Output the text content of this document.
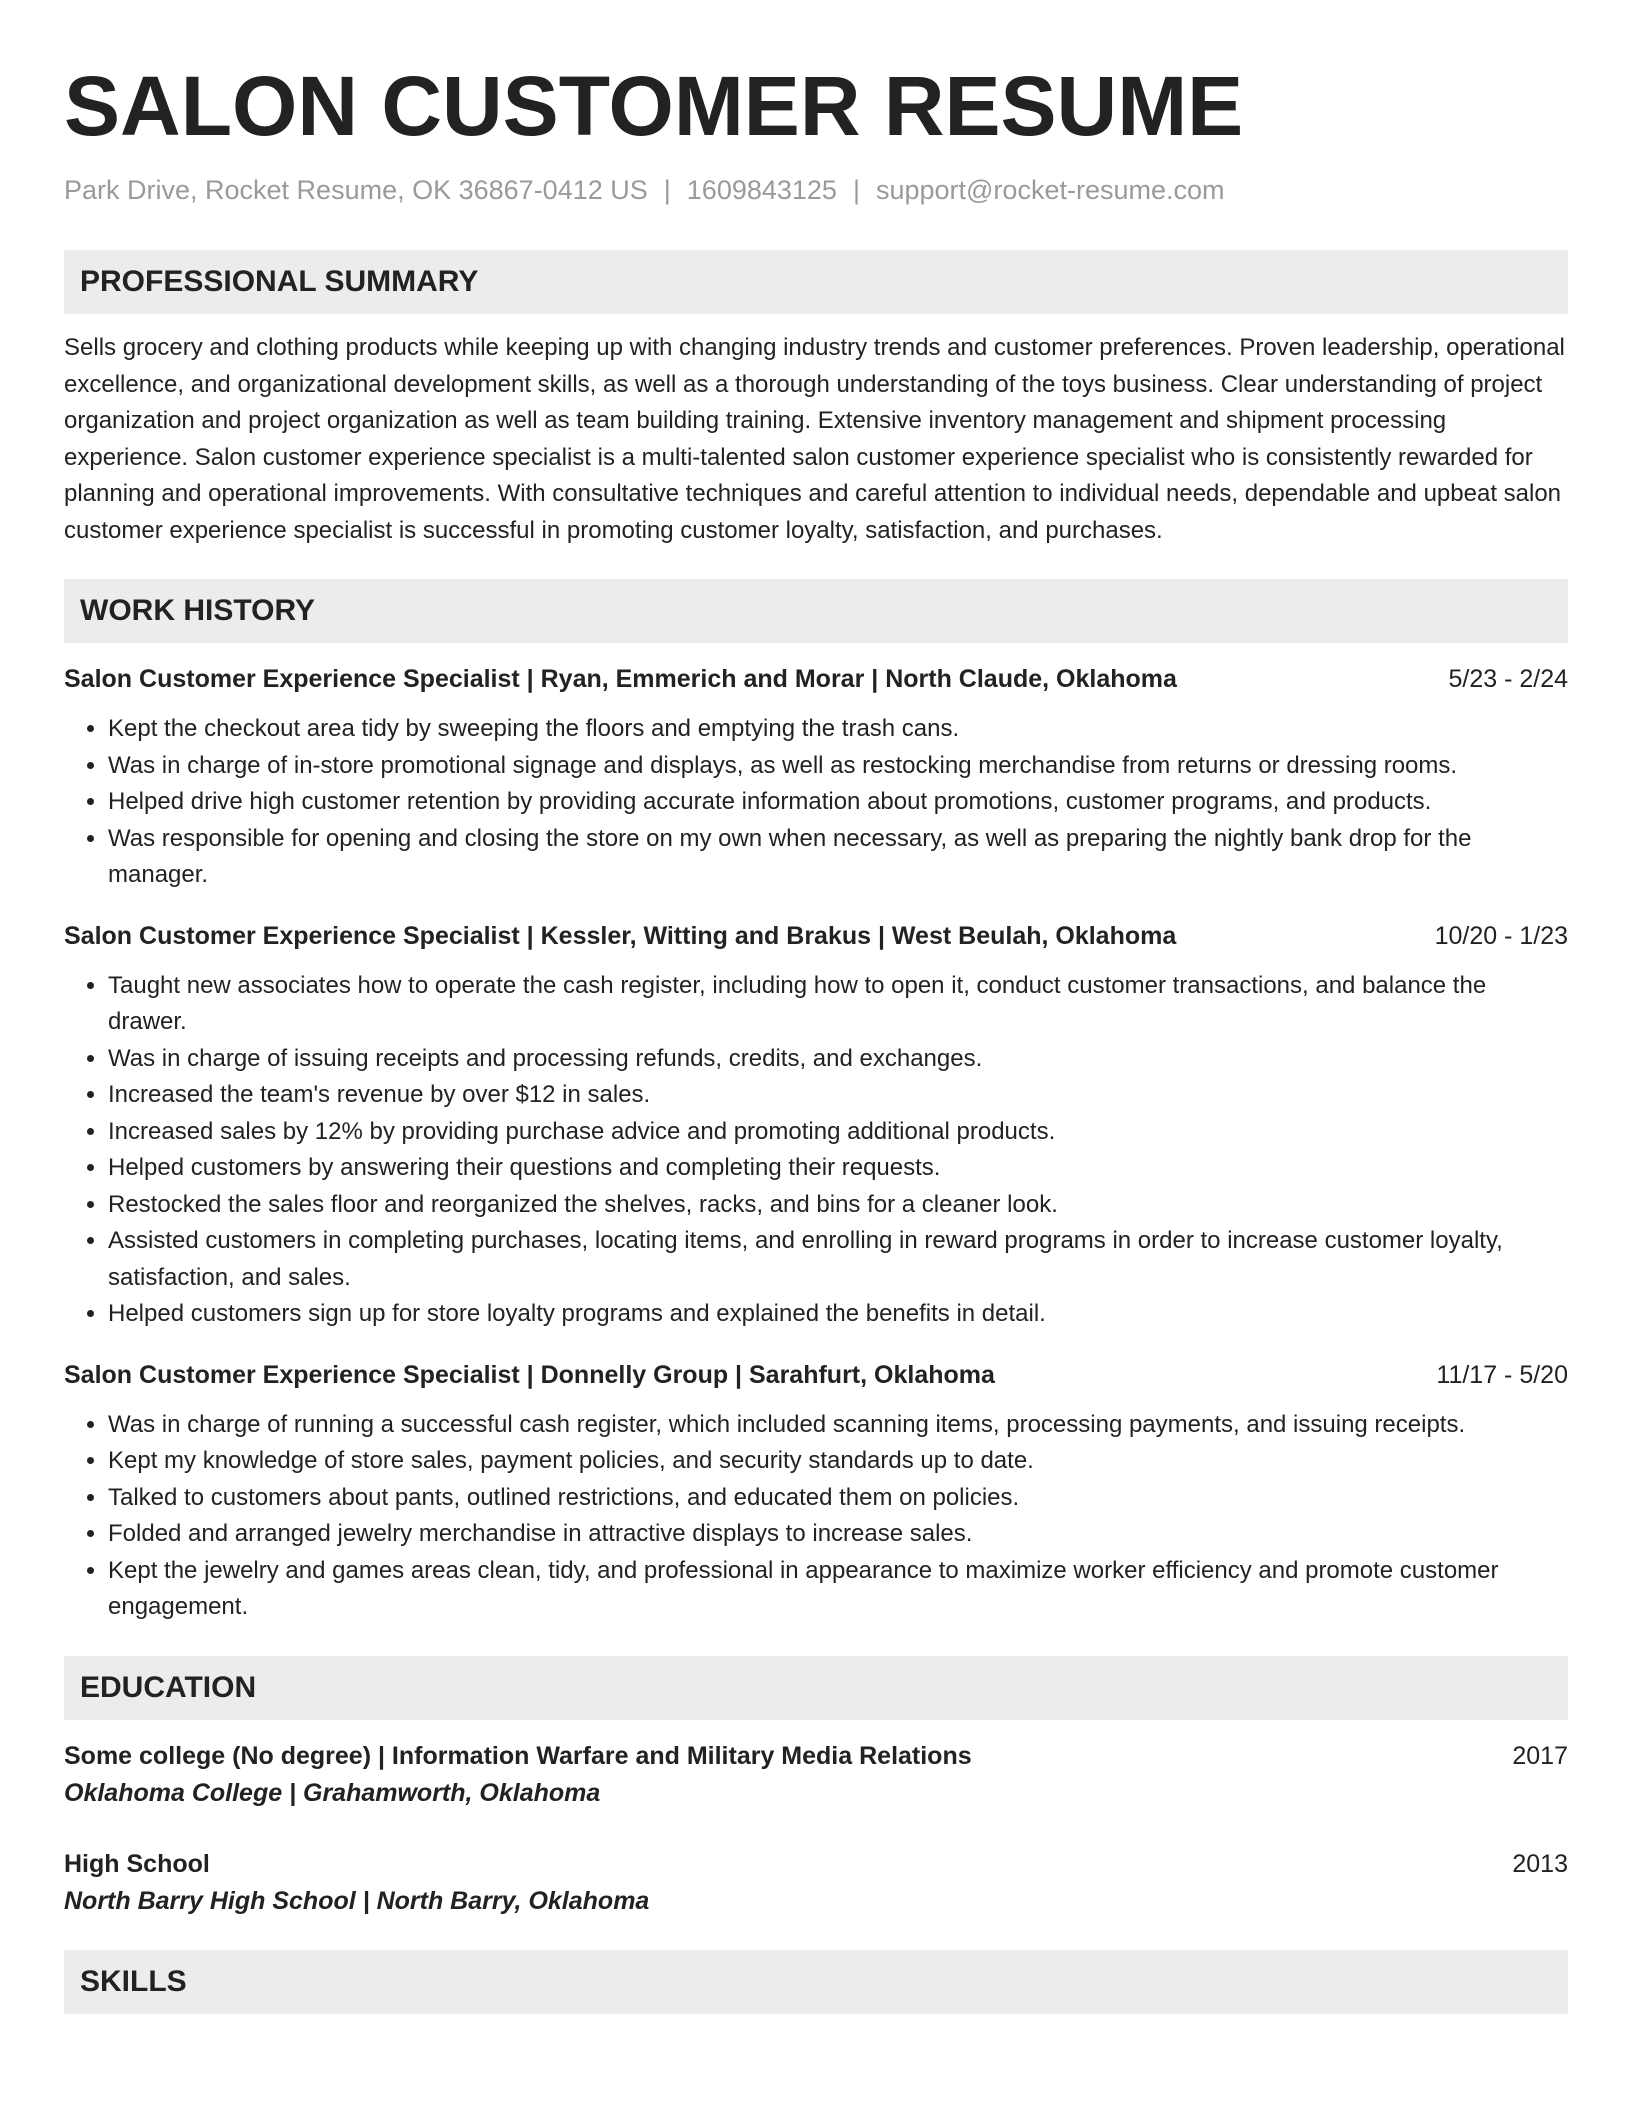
SALON CUSTOMER RESUME
Park Drive, Rocket Resume, OK 36867-0412 US | 1609843125 | support@rocket-resume.com
PROFESSIONAL SUMMARY

Sells grocery and clothing products while keeping up with changing industry trends and customer preferences. Proven leadership, operational excellence, and organizational development skills, as well as a thorough understanding of the toys business. Clear understanding of project organization and project organization as well as team building training. Extensive inventory management and shipment processing experience. Salon customer experience specialist is a multi-talented salon customer experience specialist who is consistently rewarded for planning and operational improvements. With consultative techniques and careful attention to individual needs, dependable and upbeat salon customer experience specialist is successful in promoting customer loyalty, satisfaction, and purchases.

WORK HISTORY
Salon Customer Experience Specialist | Ryan, Emmerich and Morar | North Claude, Oklahoma	5/23 - 2/24
• Kept the checkout area tidy by sweeping the floors and emptying the trash cans.
• Was in charge of in-store promotional signage and displays, as well as restocking merchandise from returns or dressing rooms.
• Helped drive high customer retention by providing accurate information about promotions, customer programs, and products.
• Was responsible for opening and closing the store on my own when necessary, as well as preparing the nightly bank drop for the manager.
Salon Customer Experience Specialist | Kessler, Witting and Brakus | West Beulah, Oklahoma	10/20 - 1/23
• Taught new associates how to operate the cash register, including how to open it, conduct customer transactions, and balance the drawer.
• Was in charge of issuing receipts and processing refunds, credits, and exchanges.
• Increased the team's revenue by over $12 in sales.
• Increased sales by 12% by providing purchase advice and promoting additional products.
• Helped customers by answering their questions and completing their requests.
• Restocked the sales floor and reorganized the shelves, racks, and bins for a cleaner look.
• Assisted customers in completing purchases, locating items, and enrolling in reward programs in order to increase customer loyalty, satisfaction, and sales.
• Helped customers sign up for store loyalty programs and explained the benefits in detail.
Salon Customer Experience Specialist | Donnelly Group | Sarahfurt, Oklahoma	11/17 - 5/20
• Was in charge of running a successful cash register, which included scanning items, processing payments, and issuing receipts.
• Kept my knowledge of store sales, payment policies, and security standards up to date.
• Talked to customers about pants, outlined restrictions, and educated them on policies.
• Folded and arranged jewelry merchandise in attractive displays to increase sales.
• Kept the jewelry and games areas clean, tidy, and professional in appearance to maximize worker efficiency and promote customer engagement.
EDUCATION
Some college (No degree) | Information Warfare and Military Media Relations	2017
Oklahoma College | Grahamworth, Oklahoma
High School	2013
North Barry High School | North Barry, Oklahoma
SKILLS
